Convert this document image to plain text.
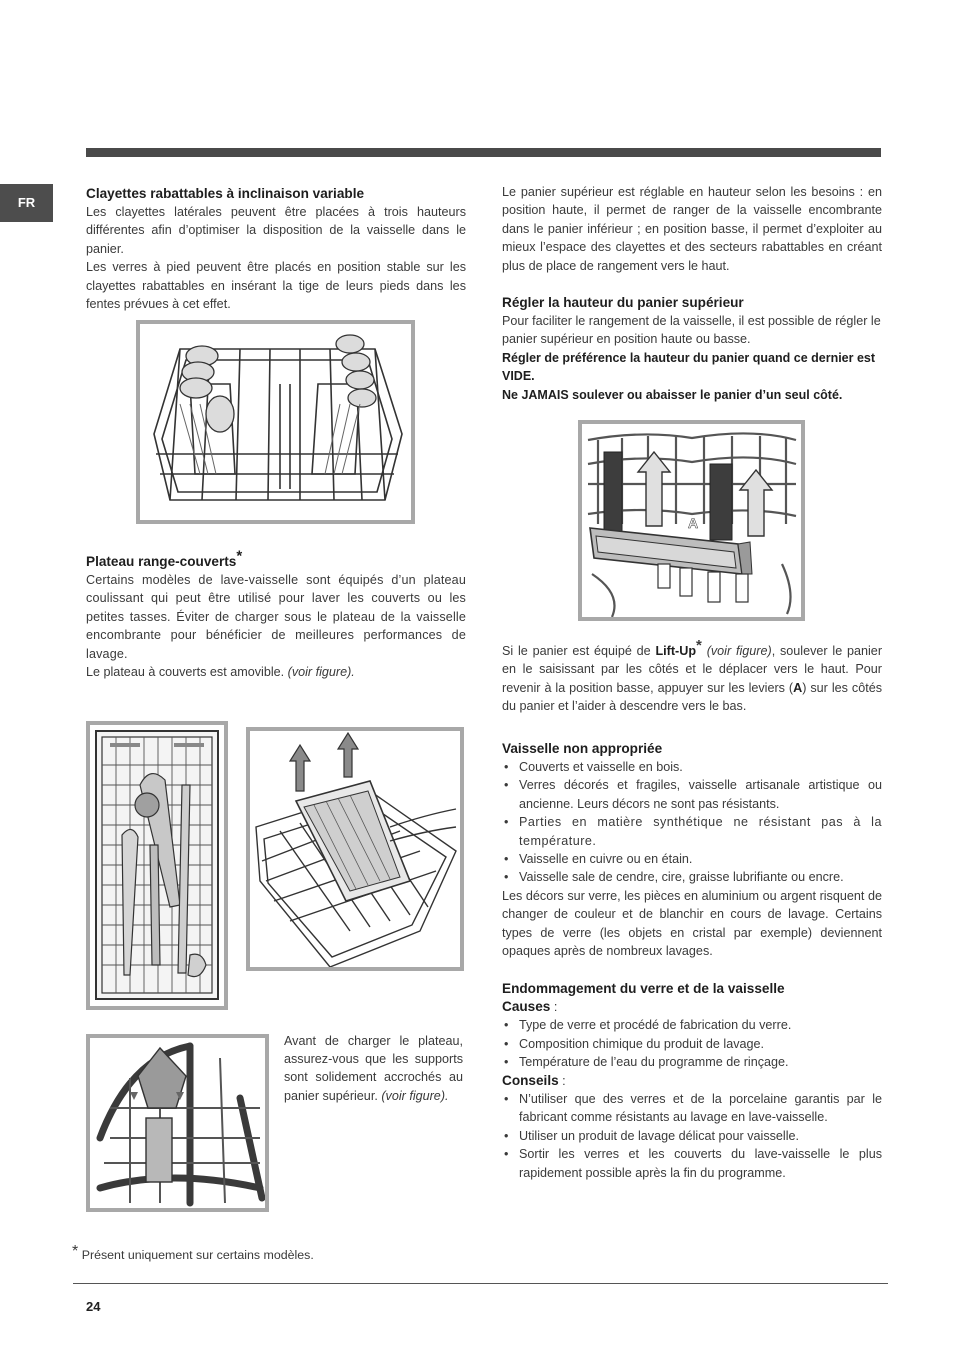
FR
Clayettes rabattables à inclinaison variable

Les clayettes latérales peuvent être placées à trois hauteurs différentes afin d’optimiser la disposition de la vaisselle dans le panier.

Les verres à pied peuvent être placés en position stable sur les clayettes rabattables en insérant la tige de leurs pieds dans les fentes prévues à cet effet.

Plateau range-couverts*

Certains modèles de lave-vaisselle sont équipés d’un plateau coulissant qui peut être utilisé pour laver les couverts ou les petites tasses. Éviter de charger sous le plateau de la vaisselle encombrante pour bénéficier de meilleures performances de lavage.

Le plateau à couverts est amovible. (voir figure).

Avant de charger le plateau, assurez-vous que les supports sont solidement accrochés au panier supérieur. (voir figure).

Le panier supérieur est réglable en hauteur selon les besoins : en position haute, il permet de ranger de la vaisselle encombrante dans le panier inférieur ; en position basse, il permet d’exploiter au mieux l’espace des clayettes et des secteurs rabattables en créant plus de place de rangement vers le haut.

Régler la hauteur du panier supérieur

Pour faciliter le rangement de la vaisselle, il est possible de régler le panier supérieur en position haute ou basse.

Régler de préférence la hauteur du panier quand ce dernier est VIDE.

Ne JAMAIS soulever ou abaisser le panier d’un seul côté.

A

Si le panier est équipé de Lift-Up* (voir figure), soulever le panier en le saisissant par les côtés et le déplacer vers le haut. Pour revenir à la position basse, appuyer sur les leviers (A) sur les côtés du panier et l’aider à descendre vers le bas.

Vaisselle non appropriée
• Couverts et vaisselle en bois.
• Verres décorés et fragiles, vaisselle artisanale artistique ou ancienne. Leurs décors ne sont pas résistants.
• Parties en matière synthétique ne résistant pas à la température.
• Vaisselle en cuivre ou en étain.
• Vaisselle sale de cendre, cire, graisse lubrifiante ou encre.

Les décors sur verre, les pièces en aluminium ou argent risquent de changer de couleur et de blanchir en cours de lavage. Certains types de verre (les objets en cristal par exemple) deviennent opaques après de nombreux lavages.

Endommagement du verre et de la vaisselle

Causes :

• Type de verre et procédé de fabrication du verre.
• Composition chimique du produit de lavage.
• Température de l’eau du programme de rinçage.

Conseils :

• N’utiliser que des verres et de la porcelaine garantis par le fabricant comme résistants au lavage en lave-vaisselle.
• Utiliser un produit de lavage délicat pour vaisselle.
• Sortir les verres et les couverts du lave-vaisselle le plus rapidement possible après la fin du programme.
* Présent uniquement sur certains modèles.
24
